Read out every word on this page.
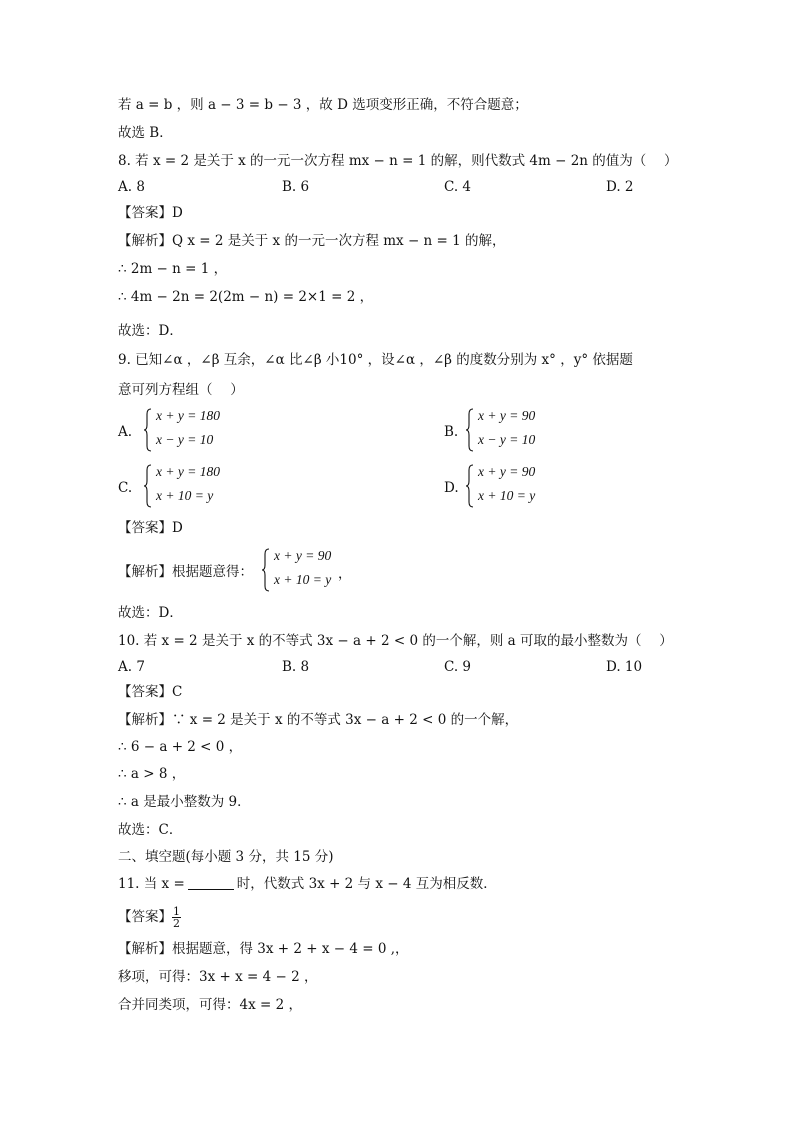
若 a = b ，则 a − 3 = b − 3 ，故 D 选项变形正确，不符合题意；
故选 B．
8. 若 x = 2 是关于 x 的一元一次方程 mx − n = 1 的解，则代数式 4m − 2n 的值为（　 ）
A. 8	B. 6	C. 4	D. 2
【答案】D
【解析】Q x = 2 是关于 x 的一元一次方程 mx − n = 1 的解，
∴ 2m − n = 1 ，
∴ 4m − 2n = 2(2m − n) = 2×1 = 2 ，
故选：D．
9. 已知∠α ，∠β 互余，∠α 比∠β 小10° ，设∠α ，∠β 的度数分别为 x° ，y° 依据题
意可列方程组（　 ）
A.
x + y = 180
x − y = 10	B.
x + y = 90
x − y = 10
C.
x + y = 180
x + 10 = y	D.
x + y = 90
x + 10 = y
【答案】D
【解析】根据题意得：
x + y = 90
x + 10 = y ，
故选：D．
10. 若 x = 2 是关于 x 的不等式 3x − a + 2 < 0 的一个解，则 a 可取的最小整数为（　 ）
A. 7	B. 8	C. 9	D. 10
【答案】C
【解析】∵ x = 2 是关于 x 的不等式 3x − a + 2 < 0 的一个解，
∴ 6 − a + 2 < 0 ，
∴ a > 8 ，
∴ a 是最小整数为 9．
故选：C．
二、填空题(每小题 3 分，共 15 分)
11. 当 x =	时，代数式 3x + 2 与 x − 4 互为相反数．
【答案】 $\frac{1}{2}$
【解析】根据题意，得 3x + 2 + x − 4 = 0 ,，
移项，可得：3x + x = 4 − 2 ，
合并同类项，可得：4x = 2 ，
